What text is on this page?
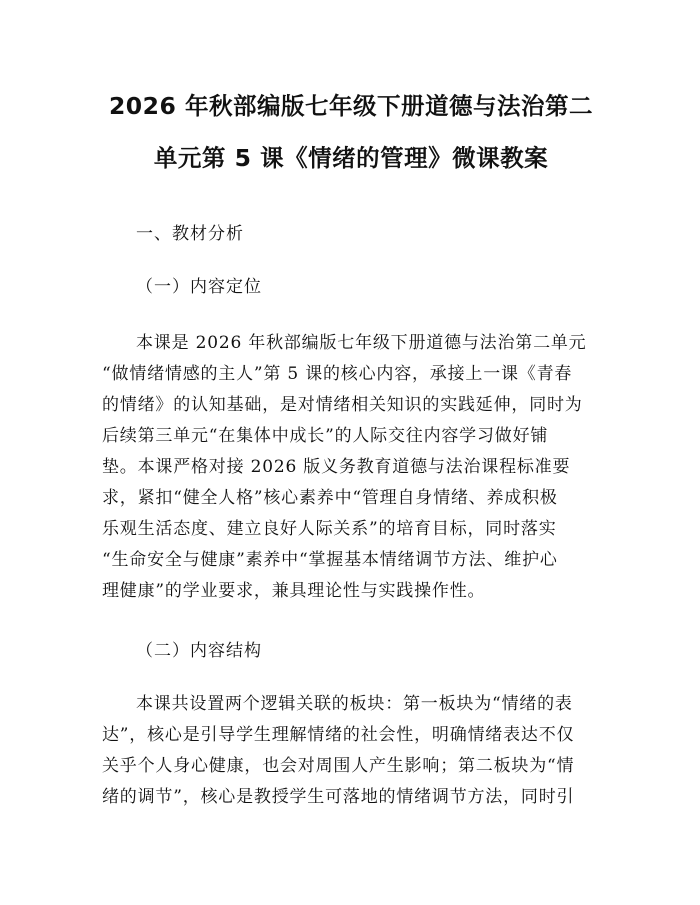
2026 年秋部编版七年级下册道德与法治第二
单元第 5 课《情绪的管理》微课教案

一、教材分析

（一）内容定位

本课是 2026 年秋部编版七年级下册道德与法治第二单元
“做情绪情感的主人”第 5 课的核心内容，承接上一课《青春
的情绪》的认知基础，是对情绪相关知识的实践延伸，同时为
后续第三单元“在集体中成长”的人际交往内容学习做好铺
垫。本课严格对接 2026 版义务教育道德与法治课程标准要
求，紧扣“健全人格”核心素养中“管理自身情绪、养成积极
乐观生活态度、建立良好人际关系”的培育目标，同时落实
“生命安全与健康”素养中“掌握基本情绪调节方法、维护心
理健康”的学业要求，兼具理论性与实践操作性。

（二）内容结构

本课共设置两个逻辑关联的板块：第一板块为“情绪的表
达”，核心是引导学生理解情绪的社会性，明确情绪表达不仅
关乎个人身心健康，也会对周围人产生影响；第二板块为“情
绪的调节”，核心是教授学生可落地的情绪调节方法，同时引
